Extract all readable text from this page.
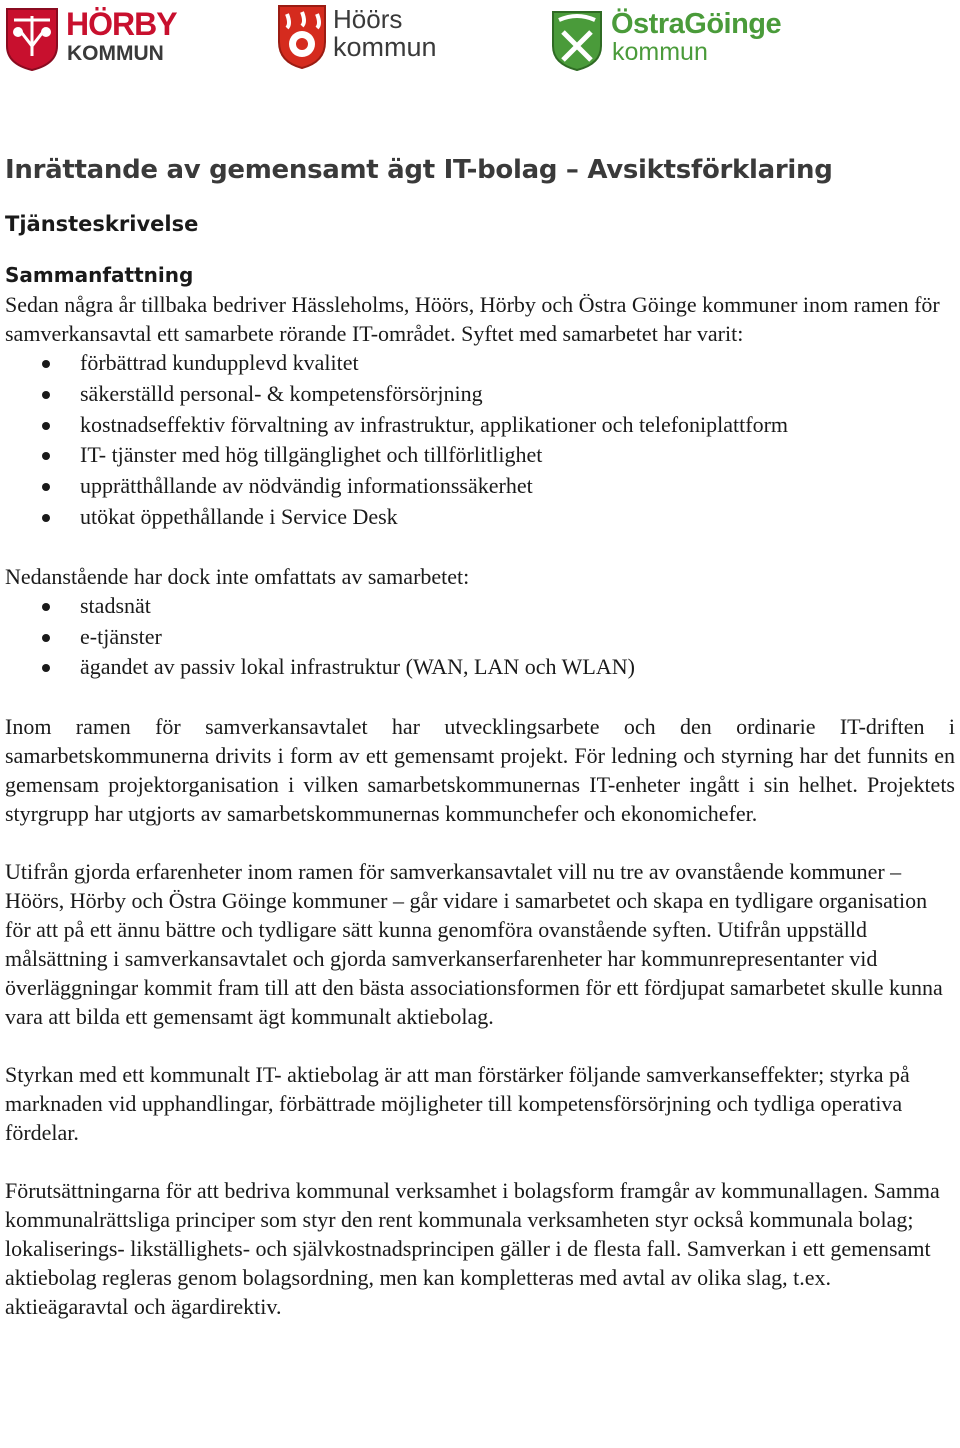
HÖRBY
KOMMUN
Höörs
kommun
ÖstraGöinge
kommun
Inrättande av gemensamt ägt IT-bolag – Avsiktsförklaring
Tjänsteskrivelse
Sammanfattning

Sedan några år tillbaka bedriver Hässleholms, Höörs, Hörby och Östra Göinge kommuner inom ramen för samverkansavtal ett samarbete rörande IT-området. Syftet med samarbetet har varit:

förbättrad kundupplevd kvalitet
säkerställd personal- & kompetensförsörjning
kostnadseffektiv förvaltning av infrastruktur, applikationer och telefoniplattform
IT- tjänster med hög tillgänglighet och tillförlitlighet
upprätthållande av nödvändig informationssäkerhet
utökat öppethållande i Service Desk

Nedanstående har dock inte omfattats av samarbetet:

stadsnät
e-tjänster
ägandet av passiv lokal infrastruktur (WAN, LAN och WLAN)

Inom ramen för samverkansavtalet har utvecklingsarbete och den ordinarie IT-driften i samarbetskommunerna drivits i form av ett gemensamt projekt. För ledning och styrning har det funnits en gemensam projektorganisation i vilken samarbetskommunernas IT-enheter ingått i sin helhet. Projektets styrgrupp har utgjorts av samarbetskommunernas kommunchefer och ekonomichefer.

Utifrån gjorda erfarenheter inom ramen för samverkansavtalet vill nu tre av ovanstående kommuner – Höörs, Hörby och Östra Göinge kommuner – går vidare i samarbetet och skapa en tydligare organisation för att på ett ännu bättre och tydligare sätt kunna genomföra ovanstående syften. Utifrån uppställd målsättning i samverkansavtalet och gjorda samverkanserfarenheter har kommunrepresentanter vid överläggningar kommit fram till att den bästa associationsformen för ett fördjupat samarbetet skulle kunna vara att bilda ett gemensamt ägt kommunalt aktiebolag.

Styrkan med ett kommunalt IT- aktiebolag är att man förstärker följande samverkanseffekter; styrka på marknaden vid upphandlingar, förbättrade möjligheter till kompetensförsörjning och tydliga operativa fördelar.

Förutsättningarna för att bedriva kommunal verksamhet i bolagsform framgår av kommunallagen. Samma kommunalrättsliga principer som styr den rent kommunala verksamheten styr också kommunala bolag; lokaliserings- likställighets- och självkostnadsprincipen gäller i de flesta fall. Samverkan i ett gemensamt aktiebolag regleras genom bolagsordning, men kan kompletteras med avtal av olika slag, t.ex. aktieägaravtal och ägardirektiv.
